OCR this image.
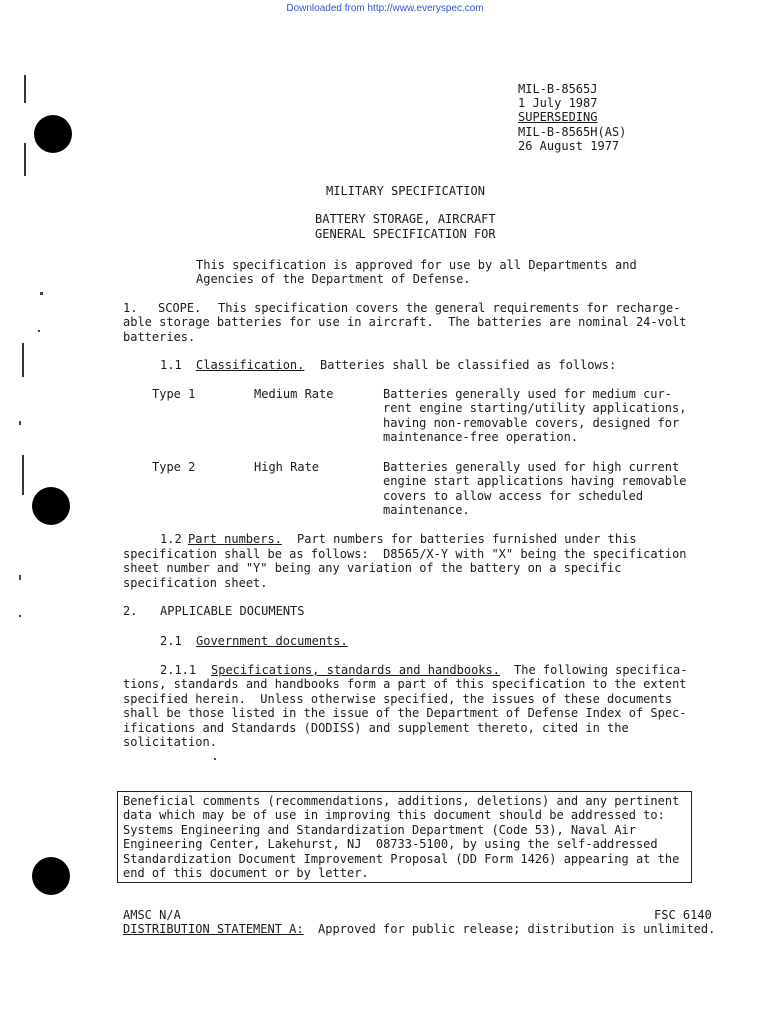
Downloaded from http://www.everyspec.com
MIL-B-8565J
1 July 1987
SUPERSEDING
MIL-B-8565H(AS)
26 August 1977
MILITARY SPECIFICATION
BATTERY STORAGE, AIRCRAFT
GENERAL SPECIFICATION FOR
This specification is approved for use by all Departments and
Agencies of the Department of Defense.
1. SCOPE. This specification covers the general requirements for recharge-
able storage batteries for use in aircraft.  The batteries are nominal 24-volt
batteries.
1.1 Classification. Batteries shall be classified as follows:
Type 1	Medium Rate	Batteries generally used for medium cur-
rent engine starting/utility applications,
having non-removable covers, designed for
maintenance-free operation.
Type 2	High Rate	Batteries generally used for high current
engine start applications having removable
covers to allow access for scheduled
maintenance.
1.2 Part numbers. Part numbers for batteries furnished under this
specification shall be as follows:  D8565/X-Y with "X" being the specification
sheet number and "Y" being any variation of the battery on a specific
specification sheet.
2. APPLICABLE DOCUMENTS
2.1 Government documents.
2.1.1 Specifications, standards and handbooks. The following specifica-
tions, standards and handbooks form a part of this specification to the extent
specified herein.  Unless otherwise specified, the issues of these documents
shall be those listed in the issue of the Department of Defense Index of Spec-
ifications and Standards (DODISS) and supplement thereto, cited in the
solicitation.
Beneficial comments (recommendations, additions, deletions) and any pertinent
data which may be of use in improving this document should be addressed to:
Systems Engineering and Standardization Department (Code 53), Naval Air
Engineering Center, Lakehurst, NJ  08733-5100, by using the self-addressed
Standardization Document Improvement Proposal (DD Form 1426) appearing at the
end of this document or by letter.
AMSC N/A	FSC 6140
DISTRIBUTION STATEMENT A: Approved for public release; distribution is unlimited.
